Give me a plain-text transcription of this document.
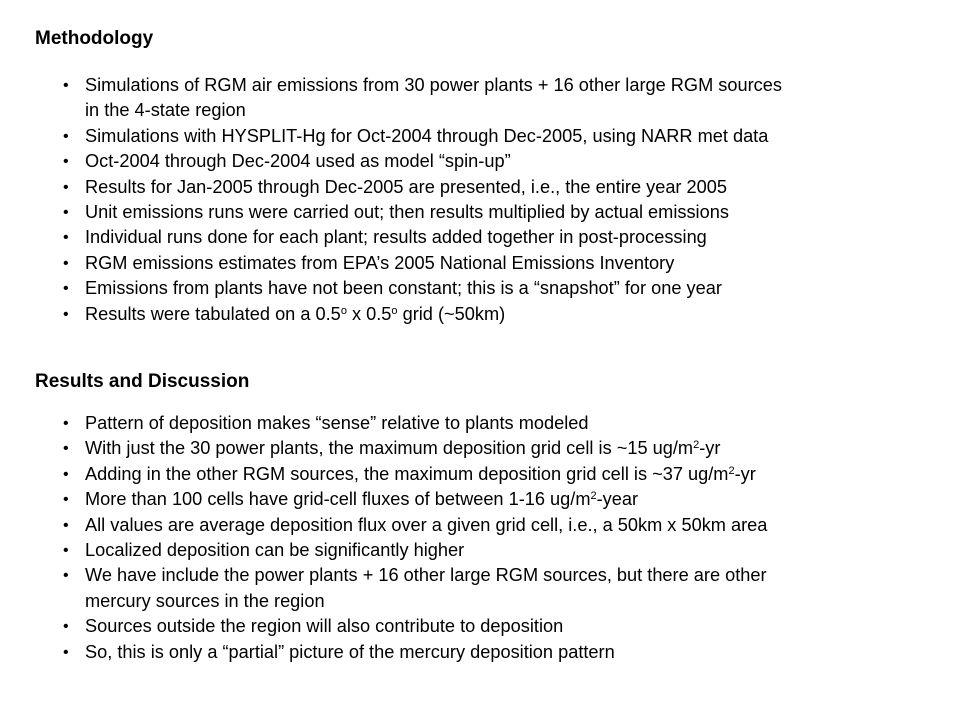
Methodology
• Simulations of RGM air emissions from 30 power plants + 16 other large RGM sources
in the 4-state region
• Simulations with HYSPLIT-Hg for Oct-2004 through Dec-2005, using NARR met data
• Oct-2004 through Dec-2004 used as model “spin-up”
• Results for Jan-2005 through Dec-2005 are presented, i.e., the entire year 2005
• Unit emissions runs were carried out; then results multiplied by actual emissions
• Individual runs done for each plant; results added together in post-processing
• RGM emissions estimates from EPA’s 2005 National Emissions Inventory
• Emissions from plants have not been constant; this is a “snapshot” for one year
• Results were tabulated on a 0.5$^o$ x 0.5$^o$ grid (~50km)
Results and Discussion
• Pattern of deposition makes “sense” relative to plants modeled
• With just the 30 power plants, the maximum deposition grid cell is ~15 $ug/m^2-yr$
• Adding in the other RGM sources, the maximum deposition grid cell is ~37 $ug/m^2-yr$
• More than 100 cells have grid-cell fluxes of between 1-16 $ug/m^2$-year
• All values are average deposition flux over a given grid cell, i.e., a 50km x 50km area
• Localized deposition can be significantly higher
• We have include the power plants + 16 other large RGM sources, but there are other
mercury sources in the region
• Sources outside the region will also contribute to deposition
• So, this is only a “partial” picture of the mercury deposition pattern
